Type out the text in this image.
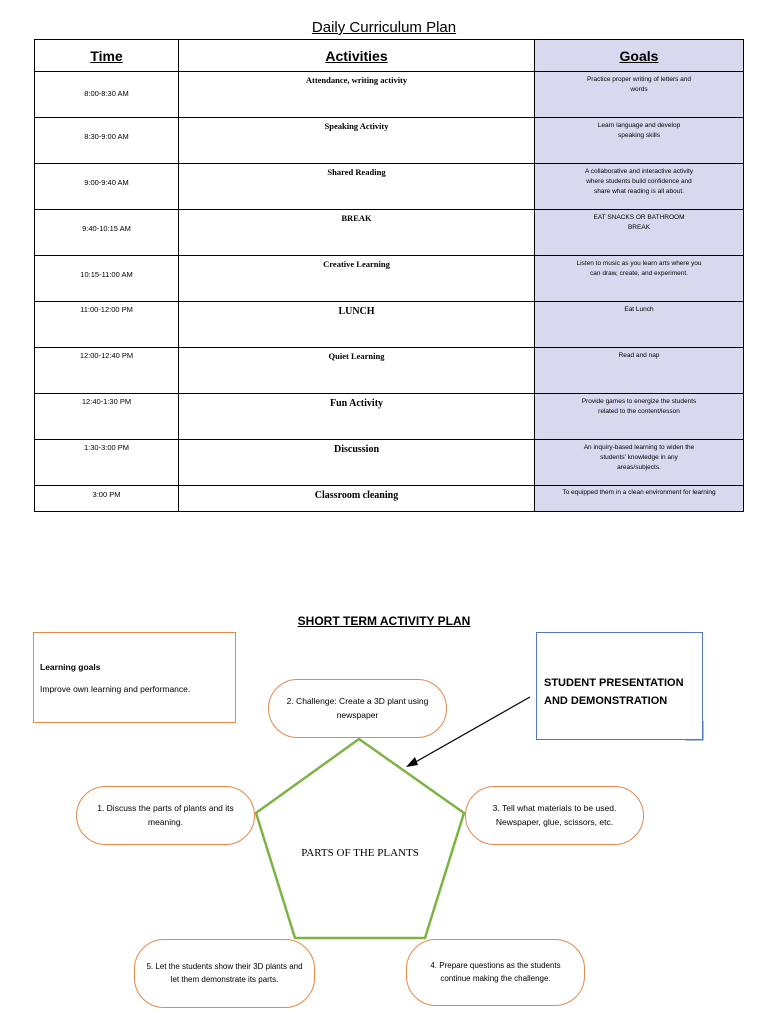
Daily Curriculum Plan
Time	Activities	Goals

8:00-8:30 AM	Attendance, writing activity	Practice proper writing of letters and words

8:30-9:00 AM	Speaking Activity	Learn language and develop speaking skills

9:00-9:40 AM	Shared Reading	A collaborative and interactive activity where students build confidence and share what reading is all about.

9:40-10:15 AM	BREAK	EAT SNACKS OR BATHROOM BREAK

10:15-11:00 AM	Creative Learning	Listen to music as you learn arts where you can draw, create, and experiment.

11:00-12:00 PM	LUNCH	Eat Lunch

12:00-12:40 PM	Quiet Learning	Read and nap

12:40-1:30 PM	Fun Activity	Provide games to energize the students related to the content/lesson

1:30-3:00 PM	Discussion	An inquiry-based learning to widen the students' knowledge in any areas/subjects.

3:00 PM	Classroom cleaning	To equipped them in a clean environment for learning
SHORT TERM ACTIVITY PLAN
Learning goals
Improve own learning and performance.	STUDENT PRESENTATION AND DEMONSTRATION
2. Challenge: Create a 3D plant using newspaper
1. Discuss the parts of plants and its meaning.
3. Tell what materials to be used. Newspaper, glue, scissors, etc.
5. Let the students show their 3D plants and let them demonstrate its parts.
4. Prepare questions as the students continue making the challenge.
PARTS OF THE PLANTS
